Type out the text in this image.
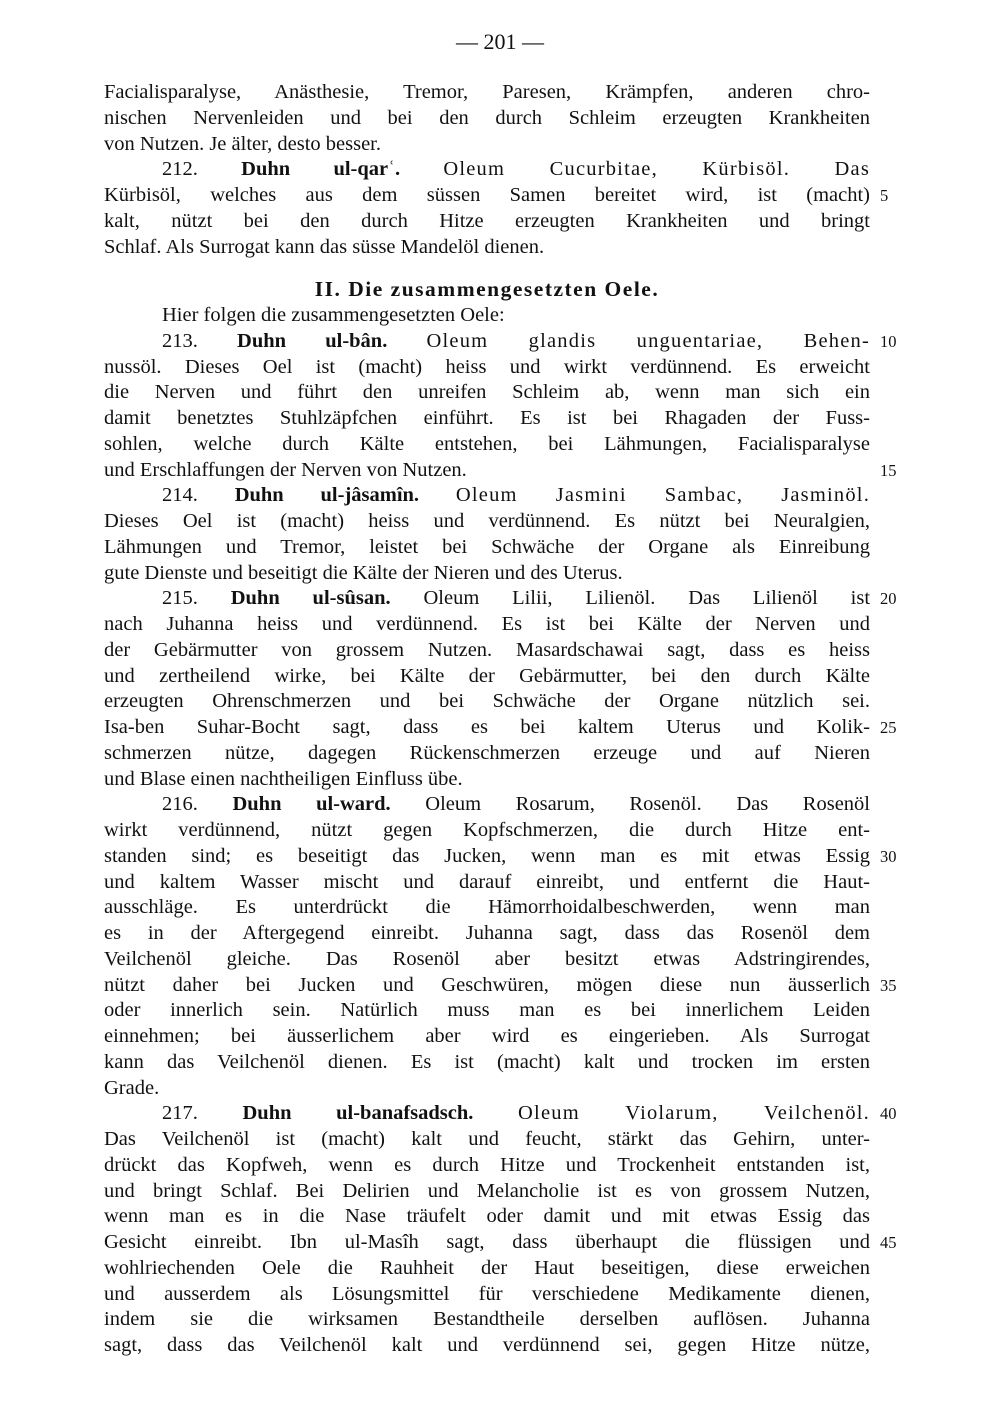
— 201 —
Facialisparalyse, Anästhesie, Tremor, Paresen, Krämpfen, anderen chro-
nischen Nervenleiden und bei den durch Schleim erzeugten Krankheiten
von Nutzen. Je älter, desto besser.
212. Duhn ul-qarʿ. Oleum Cucurbitae, Kürbisöl. Das
Kürbisöl, welches aus dem süssen Samen bereitet wird, ist (macht) 5
kalt, nützt bei den durch Hitze erzeugten Krankheiten und bringt
Schlaf. Als Surrogat kann das süsse Mandelöl dienen.
II. Die zusammengesetzten Oele.
Hier folgen die zusammengesetzten Oele:
213. Duhn ul-bân. Oleum glandis unguentariae, Behen- 10
nussöl. Dieses Oel ist (macht) heiss und wirkt verdünnend. Es erweicht
die Nerven und führt den unreifen Schleim ab, wenn man sich ein
damit benetztes Stuhlzäpfchen einführt. Es ist bei Rhagaden der Fuss-
sohlen, welche durch Kälte entstehen, bei Lähmungen, Facialisparalyse
und Erschlaffungen der Nerven von Nutzen.	15
214. Duhn ul-jâsamîn. Oleum Jasmini Sambac, Jasminöl.
Dieses Oel ist (macht) heiss und verdünnend. Es nützt bei Neuralgien,
Lähmungen und Tremor, leistet bei Schwäche der Organe als Einreibung
gute Dienste und beseitigt die Kälte der Nieren und des Uterus.
215. Duhn ul-sûsan. Oleum Lilii, Lilienöl. Das Lilienöl ist 20
nach Juhanna heiss und verdünnend. Es ist bei Kälte der Nerven und
der Gebärmutter von grossem Nutzen. Masardschawai sagt, dass es heiss
und zertheilend wirke, bei Kälte der Gebärmutter, bei den durch Kälte
erzeugten Ohrenschmerzen und bei Schwäche der Organe nützlich sei.
Isa-ben Suhar-Bocht sagt, dass es bei kaltem Uterus und Kolik- 25
schmerzen nütze, dagegen Rückenschmerzen erzeuge und auf Nieren
und Blase einen nachtheiligen Einfluss übe.
216. Duhn ul-ward. Oleum Rosarum, Rosenöl. Das Rosenöl
wirkt verdünnend, nützt gegen Kopfschmerzen, die durch Hitze ent-
standen sind; es beseitigt das Jucken, wenn man es mit etwas Essig 30
und kaltem Wasser mischt und darauf einreibt, und entfernt die Haut-
ausschläge. Es unterdrückt die Hämorrhoidalbeschwerden, wenn man
es in der Aftergegend einreibt. Juhanna sagt, dass das Rosenöl dem
Veilchenöl gleiche. Das Rosenöl aber besitzt etwas Adstringirendes,
nützt daher bei Jucken und Geschwüren, mögen diese nun äusserlich 35
oder innerlich sein. Natürlich muss man es bei innerlichem Leiden
einnehmen; bei äusserlichem aber wird es eingerieben. Als Surrogat
kann das Veilchenöl dienen. Es ist (macht) kalt und trocken im ersten
Grade.
217. Duhn ul-banafsadsch. Oleum Violarum, Veilchenöl. 40
Das Veilchenöl ist (macht) kalt und feucht, stärkt das Gehirn, unter-
drückt das Kopfweh, wenn es durch Hitze und Trockenheit entstanden ist,
und bringt Schlaf. Bei Delirien und Melancholie ist es von grossem Nutzen,
wenn man es in die Nase träufelt oder damit und mit etwas Essig das
Gesicht einreibt. Ibn ul-Masîh sagt, dass überhaupt die flüssigen und 45
wohlriechenden Oele die Rauhheit der Haut beseitigen, diese erweichen
und ausserdem als Lösungsmittel für verschiedene Medikamente dienen,
indem sie die wirksamen Bestandtheile derselben auflösen. Juhanna
sagt, dass das Veilchenöl kalt und verdünnend sei, gegen Hitze nütze,
